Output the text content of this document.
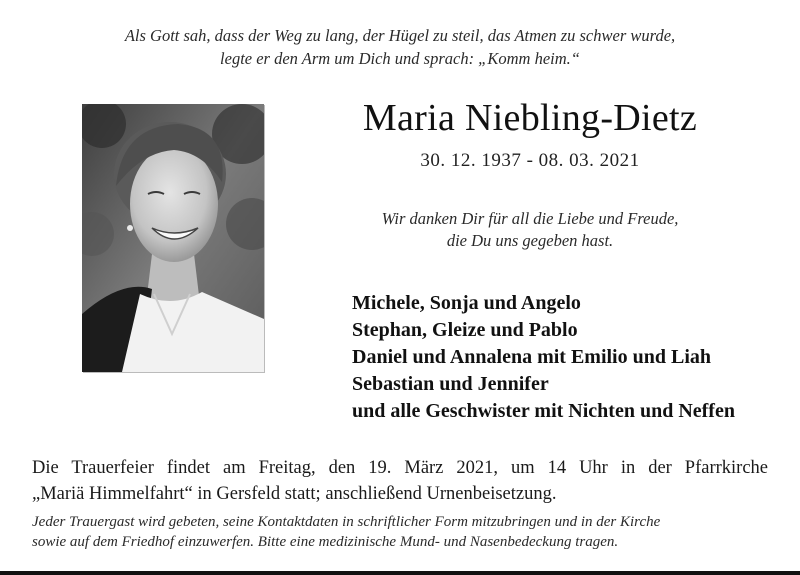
Als Gott sah, dass der Weg zu lang, der Hügel zu steil, das Atmen zu schwer wurde,
legte er den Arm um Dich und sprach: „Komm heim.“
Maria Niebling-Dietz
30. 12. 1937 - 08. 03. 2021
Wir danken Dir für all die Liebe und Freude,
die Du uns gegeben hast.
Michele, Sonja und Angelo
Stephan, Gleize und Pablo
Daniel und Annalena mit Emilio und Liah
Sebastian und Jennifer
und alle Geschwister mit Nichten und Neffen
Die Trauerfeier findet am Freitag, den 19. März 2021, um 14 Uhr in der Pfarrkirche
„Mariä Himmelfahrt“ in Gersfeld statt; anschließend Urnenbeisetzung.
Jeder Trauergast wird gebeten, seine Kontaktdaten in schriftlicher Form mitzubringen und in der Kirche
sowie auf dem Friedhof einzuwerfen. Bitte eine medizinische Mund- und Nasenbedeckung tragen.
